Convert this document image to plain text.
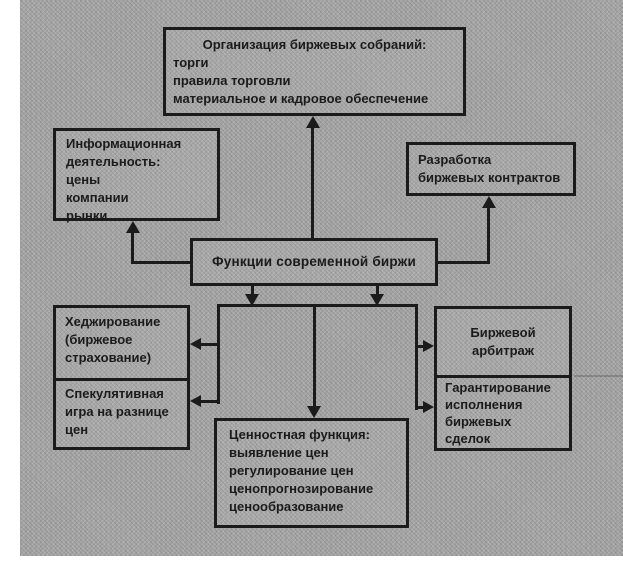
Организация биржевых собраний:
торги
правила торговли
материальное и кадровое обеспечение
Информационная деятельность:
цены
компании
рынки
Разработка
биржевых контрактов
Функции современной биржи
Хеджирование
(биржевое
страхование)
Спекулятивная
игра на разнице
цен
Биржевой
арбитраж
Гарантирование
исполнения
биржевых
сделок
Ценностная функция:
выявление цен
регулирование цен
ценопрогнозирование
ценообразование
